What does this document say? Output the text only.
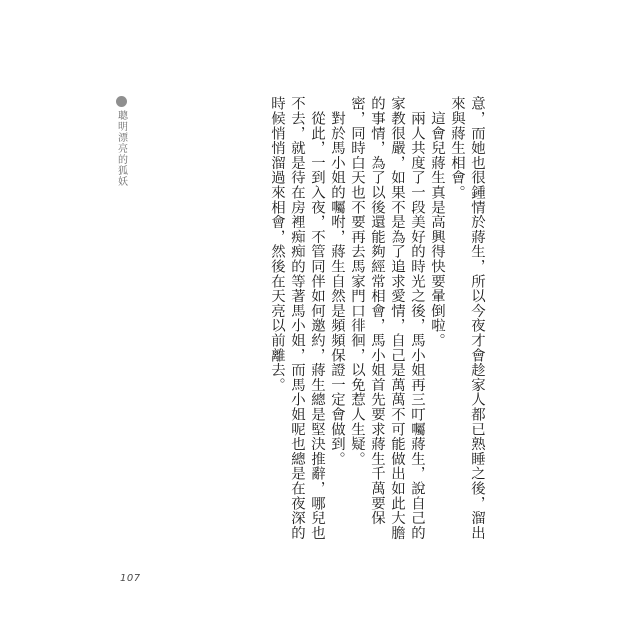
聰明漂亮的狐妖	意，而她也很鍾情於蔣生，所以今夜才會趁家人都已熟睡之後，溜出來與蔣生相會。

　這會兒蔣生真是高興得快要暈倒啦。

　兩人共度了一段美好的時光之後，馬小姐再三叮囑蔣生，說自己的家教很嚴，如果不是為了追求愛情，自己是萬萬不可能做出如此大膽的事情，為了以後還能夠經常相會，馬小姐首先要求蔣生千萬要保密，同時白天也不要再去馬家門口徘徊，以免惹人生疑。

　對於馬小姐的囑咐，蔣生自然是頻頻保證一定會做到。

　從此，一到入夜，不管同伴如何邀約，蔣生總是堅決推辭，哪兒也不去，就是待在房裡痴痴的等著馬小姐，而馬小姐呢也總是在夜深的時候悄悄溜過來相會，然後在天亮以前離去。

107
